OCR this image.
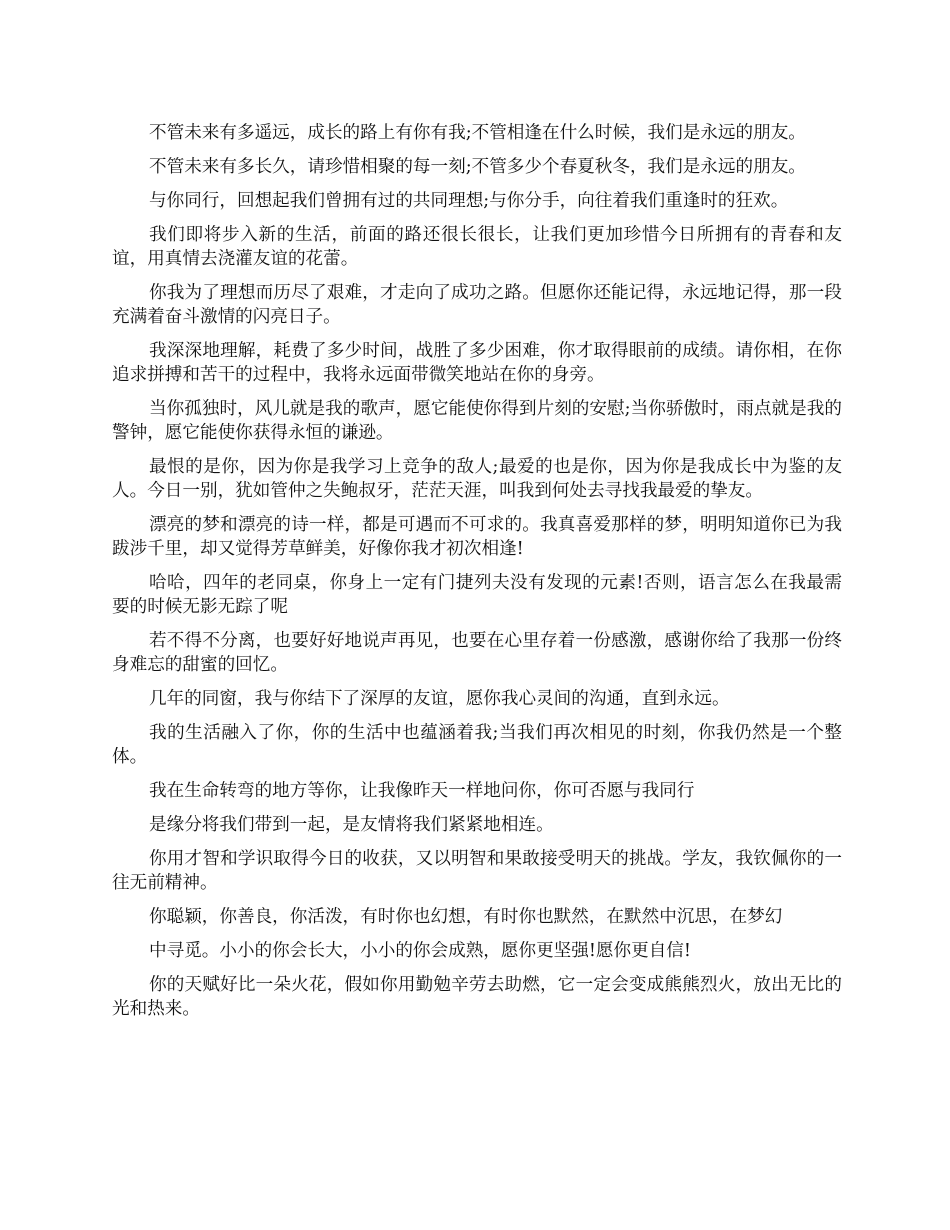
不管未来有多遥远，成长的路上有你有我;不管相逢在什么时候，我们是永远的朋友。

不管未来有多长久，请珍惜相聚的每一刻;不管多少个春夏秋冬，我们是永远的朋友。

与你同行，回想起我们曾拥有过的共同理想;与你分手，向往着我们重逢时的狂欢。

我们即将步入新的生活，前面的路还很长很长，让我们更加珍惜今日所拥有的青春和友谊，用真情去浇灌友谊的花蕾。

你我为了理想而历尽了艰难，才走向了成功之路。但愿你还能记得，永远地记得，那一段充满着奋斗激情的闪亮日子。

我深深地理解，耗费了多少时间，战胜了多少困难，你才取得眼前的成绩。请你相，在你追求拼搏和苦干的过程中，我将永远面带微笑地站在你的身旁。

当你孤独时，风儿就是我的歌声，愿它能使你得到片刻的安慰;当你骄傲时，雨点就是我的警钟，愿它能使你获得永恒的谦逊。

最恨的是你，因为你是我学习上竞争的敌人;最爱的也是你，因为你是我成长中为鉴的友人。今日一别，犹如管仲之失鲍叔牙，茫茫天涯，叫我到何处去寻找我最爱的挚友。

漂亮的梦和漂亮的诗一样，都是可遇而不可求的。我真喜爱那样的梦，明明知道你已为我跋涉千里，却又觉得芳草鲜美，好像你我才初次相逢!

哈哈，四年的老同桌，你身上一定有门捷列夫没有发现的元素!否则，语言怎么在我最需要的时候无影无踪了呢

若不得不分离，也要好好地说声再见，也要在心里存着一份感激，感谢你给了我那一份终身难忘的甜蜜的回忆。

几年的同窗，我与你结下了深厚的友谊，愿你我心灵间的沟通，直到永远。

我的生活融入了你，你的生活中也蕴涵着我;当我们再次相见的时刻，你我仍然是一个整体。

我在生命转弯的地方等你，让我像昨天一样地问你，你可否愿与我同行

是缘分将我们带到一起，是友情将我们紧紧地相连。

你用才智和学识取得今日的收获，又以明智和果敢接受明天的挑战。学友，我钦佩你的一往无前精神。

你聪颖，你善良，你活泼，有时你也幻想，有时你也默然，在默然中沉思，在梦幻

中寻觅。小小的你会长大，小小的你会成熟，愿你更坚强!愿你更自信!

你的天赋好比一朵火花，假如你用勤勉辛劳去助燃，它一定会变成熊熊烈火，放出无比的光和热来。
